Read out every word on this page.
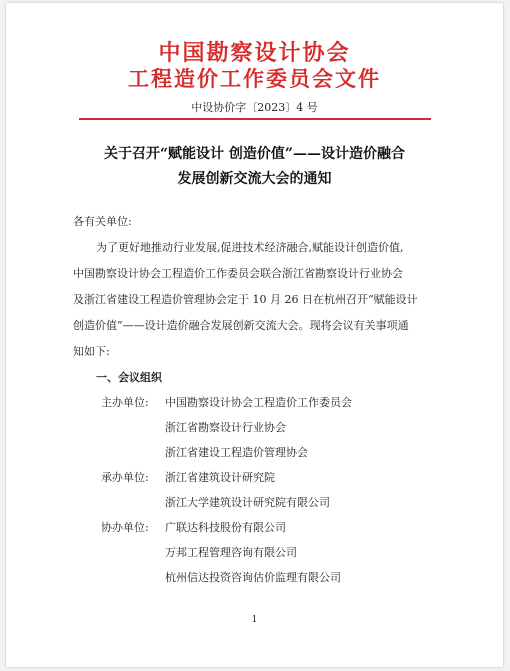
中国勘察设计协会
工程造价工作委员会文件
中设协价字〔2023〕4 号
关于召开“赋能设计 创造价值”——设计造价融合
发展创新交流大会的通知
各有关单位:
为了更好地推动行业发展,促进技术经济融合,赋能设计创造价值,
中国勘察设计协会工程造价工作委员会联合浙江省勘察设计行业协会
及浙江省建设工程造价管理协会定于 10 月 26 日在杭州召开“赋能设计
创造价值”——设计造价融合发展创新交流大会。现将会议有关事项通
知如下:
一、会议组织
主办单位: 中国勘察设计协会工程造价工作委员会
浙江省勘察设计行业协会
浙江省建设工程造价管理协会
承办单位: 浙江省建筑设计研究院
浙江大学建筑设计研究院有限公司
协办单位: 广联达科技股份有限公司
万邦工程管理咨询有限公司
杭州信达投资咨询估价监理有限公司
1
